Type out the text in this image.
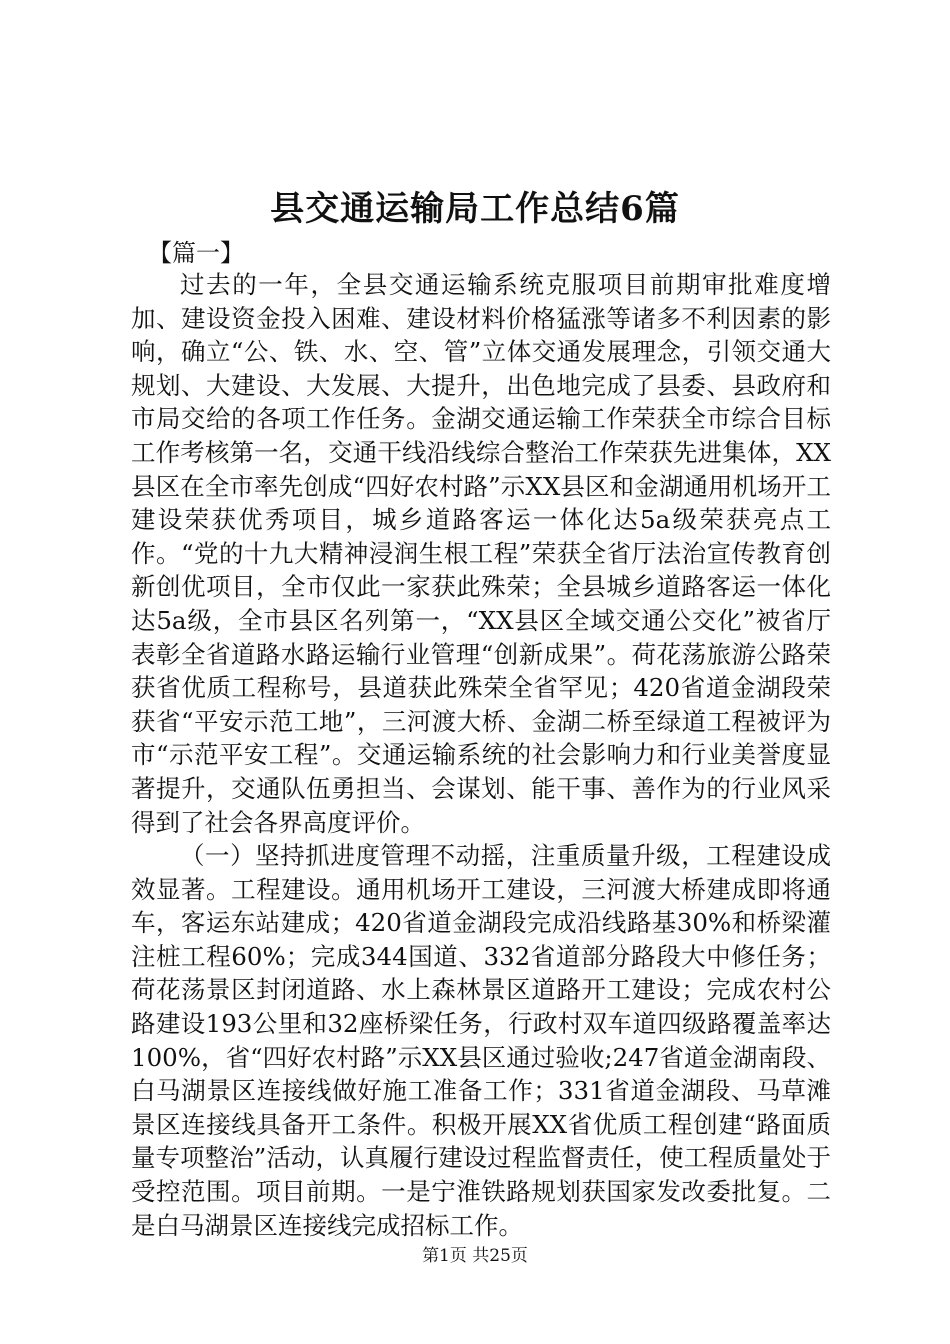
县交通运输局工作总结6篇

【篇一】

过去的一年，全县交通运输系统克服项目前期审批难度增加、建设资金投入困难、建设材料价格猛涨等诸多不利因素的影响，确立“公、铁、水、空、管”立体交通发展理念，引领交通大规划、大建设、大发展、大提升，出色地完成了县委、县政府和市局交给的各项工作任务。金湖交通运输工作荣获全市综合目标工作考核第一名，交通干线沿线综合整治工作荣获先进集体，XX县区在全市率先创成“四好农村路”示XX县区和金湖通用机场开工建设荣获优秀项目，城乡道路客运一体化达5a级荣获亮点工作。“党的十九大精神浸润生根工程”荣获全省厅法治宣传教育创新创优项目，全市仅此一家获此殊荣；全县城乡道路客运一体化达5a级，全市县区名列第一，“XX县区全域交通公交化”被省厅表彰全省道路水路运输行业管理“创新成果”。荷花荡旅游公路荣获省优质工程称号，县道获此殊荣全省罕见；420省道金湖段荣获省“平安示范工地”，三河渡大桥、金湖二桥至绿道工程被评为市“示范平安工程”。交通运输系统的社会影响力和行业美誉度显著提升，交通队伍勇担当、会谋划、能干事、善作为的行业风采得到了社会各界高度评价。

（一）坚持抓进度管理不动摇，注重质量升级，工程建设成效显著。工程建设。通用机场开工建设，三河渡大桥建成即将通车，客运东站建成；420省道金湖段完成沿线路基30%和桥梁灌注桩工程60%；完成344国道、332省道部分路段大中修任务；荷花荡景区封闭道路、水上森林景区道路开工建设；完成农村公路建设193公里和32座桥梁任务，行政村双车道四级路覆盖率达100%，省“四好农村路”示XX县区通过验收;247省道金湖南段、白马湖景区连接线做好施工准备工作；331省道金湖段、马草滩景区连接线具备开工条件。积极开展XX省优质工程创建“路面质量专项整治”活动，认真履行建设过程监督责任，使工程质量处于受控范围。项目前期。一是宁淮铁路规划获国家发改委批复。二是白马湖景区连接线完成招标工作。

第1页 共25页
